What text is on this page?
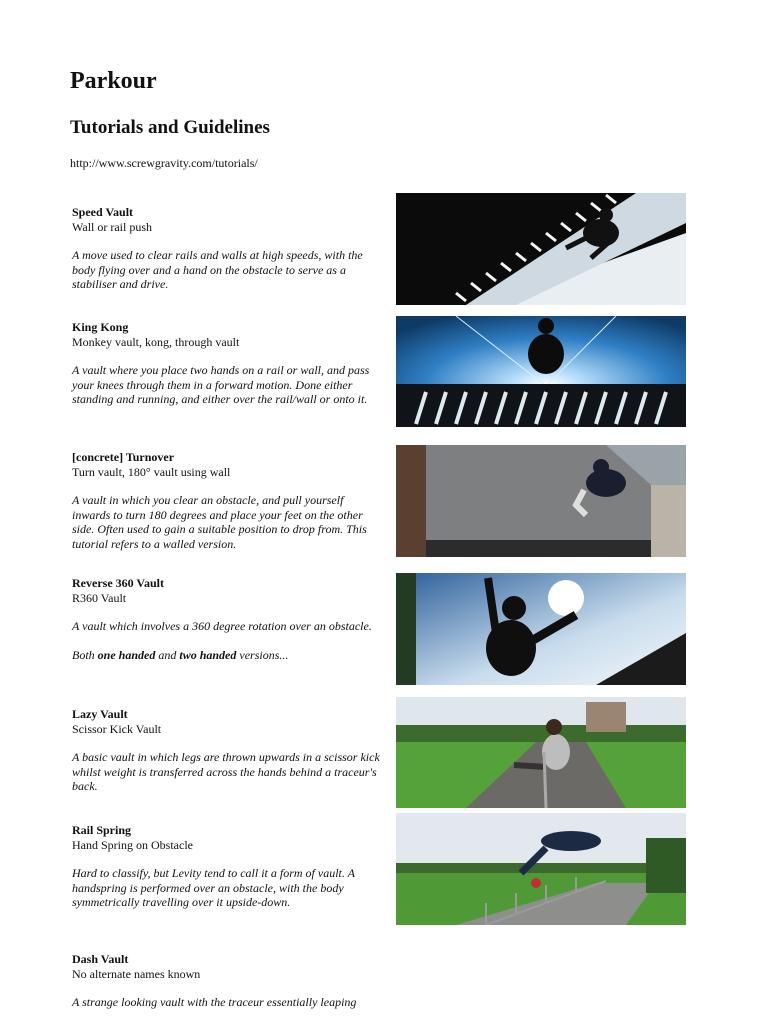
Parkour
Tutorials and Guidelines
http://www.screwgravity.com/tutorials/
Speed Vault
Wall or rail push
A move used to clear rails and walls at high speeds, with the body flying over and a hand on the obstacle to serve as a stabiliser and drive.
King Kong
Monkey vault, kong, through vault
A vault where you place two hands on a rail or wall, and pass your knees through them in a forward motion. Done either standing and running, and either over the rail/wall or onto it.
[concrete] Turnover
Turn vault, 180° vault using wall
A vault in which you clear an obstacle, and pull yourself inwards to turn 180 degrees and place your feet on the other side. Often used to gain a suitable position to drop from. This tutorial refers to a walled version.
Reverse 360 Vault
R360 Vault
A vault which involves a 360 degree rotation over an obstacle.
Both one handed and two handed versions...
Lazy Vault
Scissor Kick Vault
A basic vault in which legs are thrown upwards in a scissor kick whilst weight is transferred across the hands behind a traceur's back.
Rail Spring
Hand Spring on Obstacle
Hard to classify, but Levity tend to call it a form of vault. A handspring is performed over an obstacle, with the body symmetrically travelling over it upside-down.
Dash Vault
No alternate names known
A strange looking vault with the traceur essentially leaping
